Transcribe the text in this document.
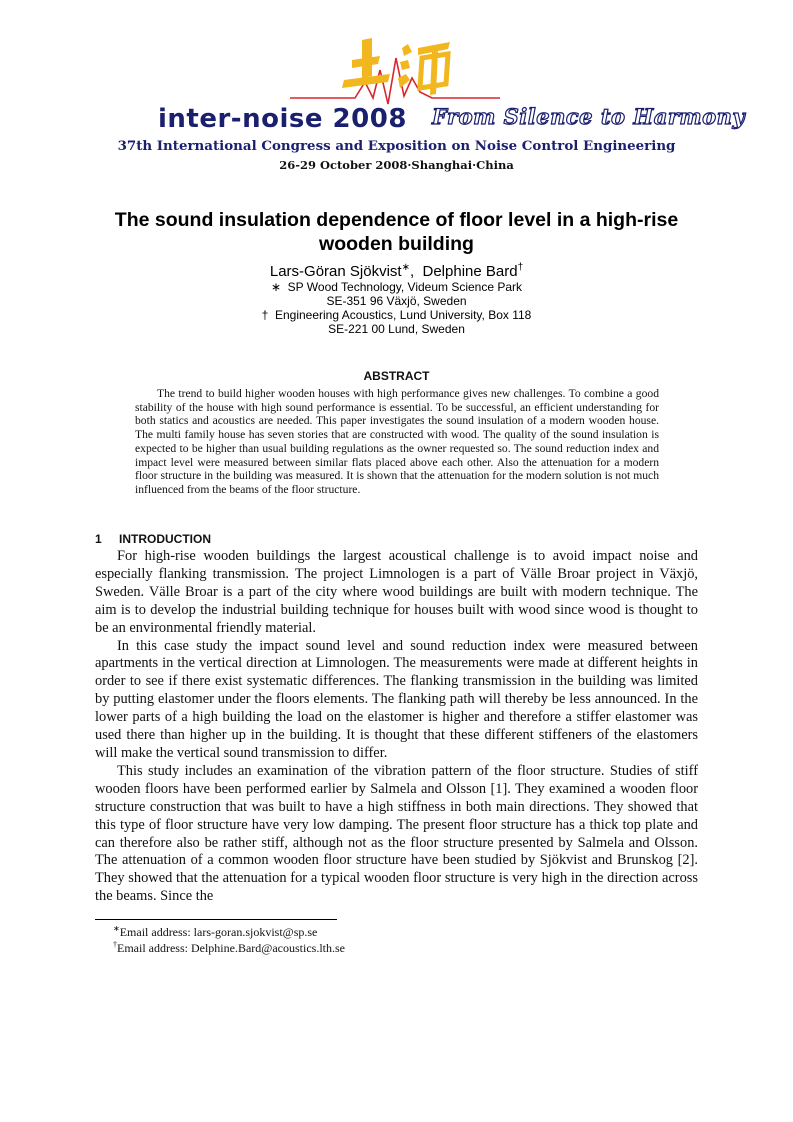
inter-noise 2008 From Silence to Harmony
37th International Congress and Exposition on Noise Control Engineering
26-29 October 2008·Shanghai·China
The sound insulation dependence of floor level in a high-rise wooden building
Lars-Göran Sjökvist∗,  Delphine Bard†
∗ SP Wood Technology, Videum Science Park
SE-351 96 Växjö, Sweden
† Engineering Acoustics, Lund University, Box 118
SE-221 00 Lund, Sweden
ABSTRACT

The trend to build higher wooden houses with high performance gives new challenges. To combine a good stability of the house with high sound performance is essential. To be successful, an efficient understanding for both statics and acoustics are needed. This paper investigates the sound insulation of a modern wooden house. The multi family house has seven stories that are constructed with wood. The quality of the sound insulation is expected to be higher than usual building regulations as the owner requested so. The sound reduction index and impact level were measured between similar flats placed above each other. Also the attenuation for a modern floor structure in the building was measured. It is shown that the attenuation for the modern solution is not much influenced from the beams of the floor structure.

1 INTRODUCTION

For high-rise wooden buildings the largest acoustical challenge is to avoid impact noise and especially flanking transmission. The project Limnologen is a part of Välle Broar project in Växjö, Sweden. Välle Broar is a part of the city where wood buildings are built with modern technique. The aim is to develop the industrial building technique for houses built with wood since wood is thought to be an environmental friendly material.

In this case study the impact sound level and sound reduction index were measured between apartments in the vertical direction at Limnologen. The measurements were made at different heights in order to see if there exist systematic differences. The flanking transmission in the building was limited by putting elastomer under the floors elements. The flanking path will thereby be less announced. In the lower parts of a high building the load on the elastomer is higher and therefore a stiffer elastomer was used there than higher up in the building. It is thought that these different stiffeners of the elastomers will make the vertical sound transmission to differ.

This study includes an examination of the vibration pattern of the floor structure. Studies of stiff wooden floors have been performed earlier by Salmela and Olsson [1]. They examined a wooden floor structure construction that was built to have a high stiffness in both main directions. They showed that this type of floor structure have very low damping. The present floor structure has a thick top plate and can therefore also be rather stiff, although not as the floor structure presented by Salmela and Olsson. The attenuation of a common wooden floor structure have been studied by Sjökvist and Brunskog [2]. They showed that the attenuation for a typical wooden floor structure is very high in the direction across the beams. Since the

∗Email address: lars-goran.sjokvist@sp.se
†Email address: Delphine.Bard@acoustics.lth.se
